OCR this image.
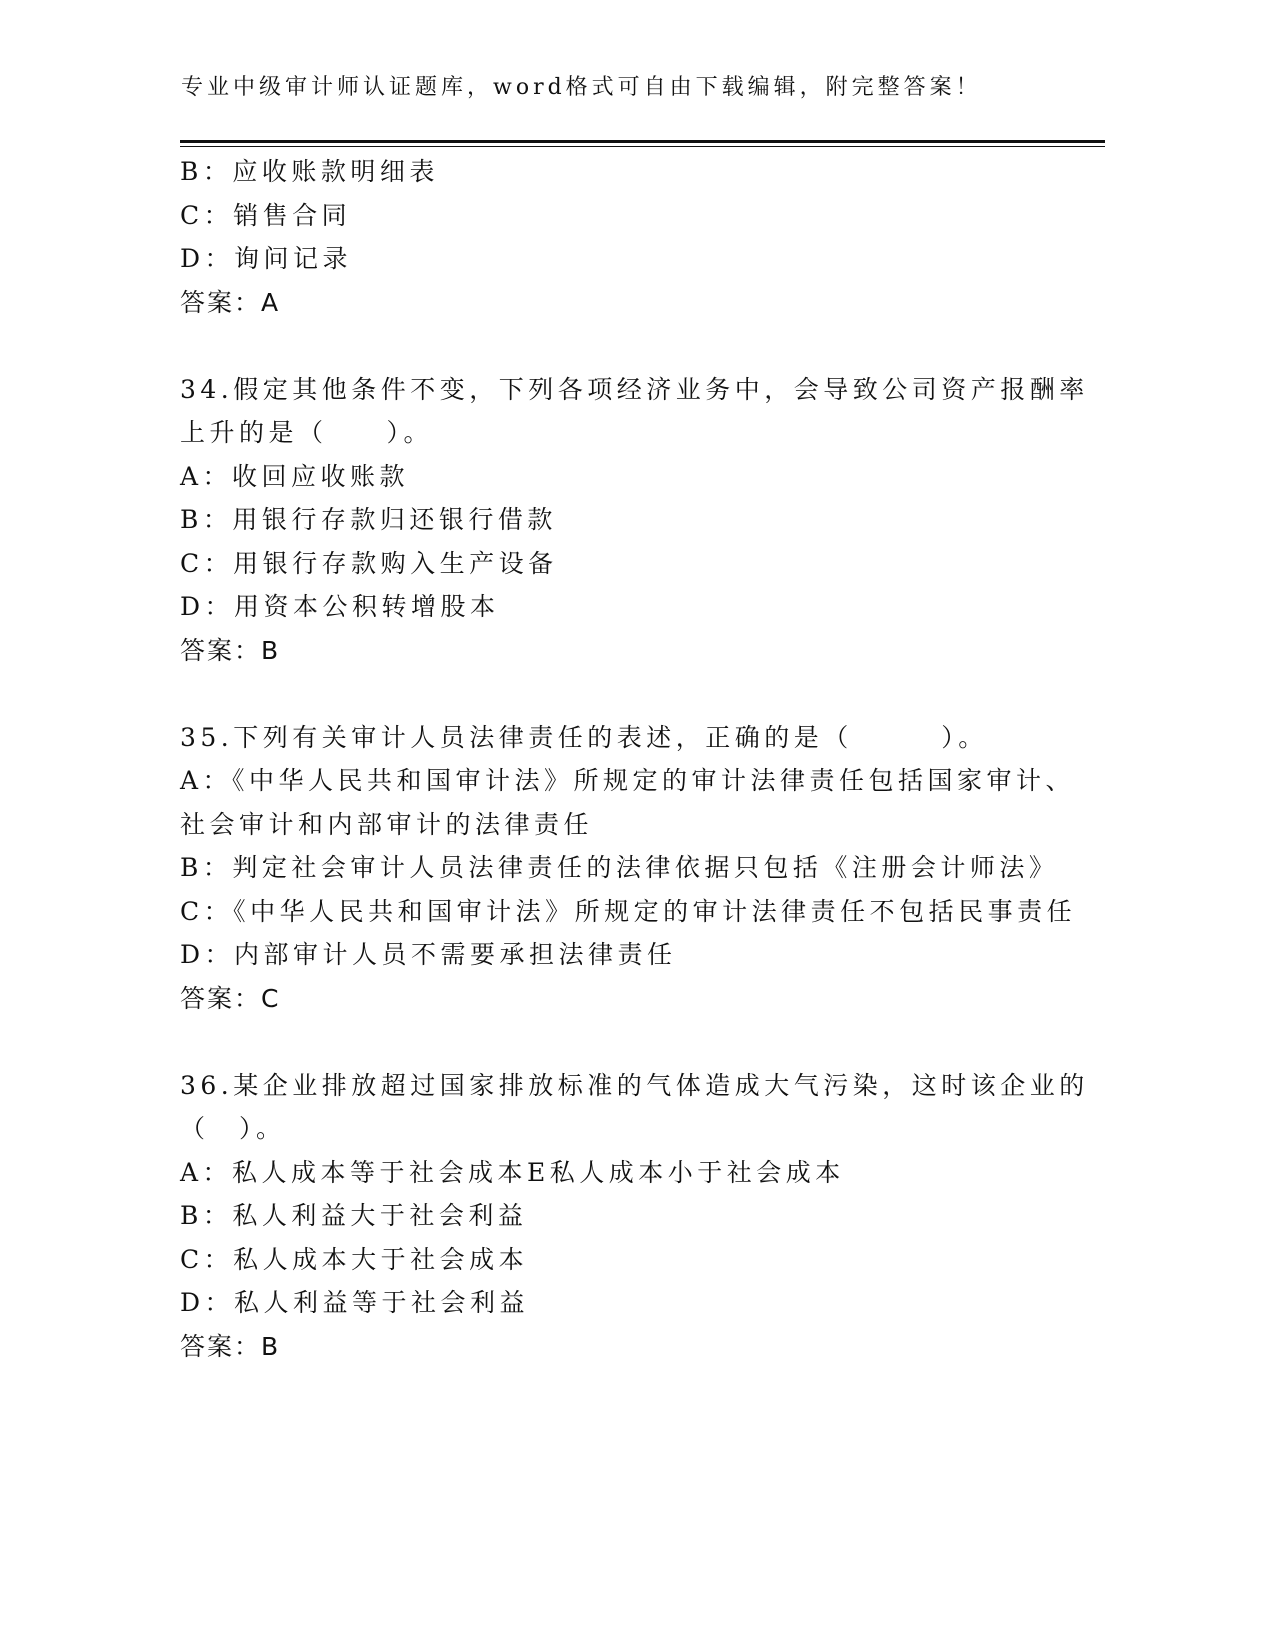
专业中级审计师认证题库，word格式可自由下载编辑，附完整答案！
B：应收账款明细表
C：销售合同
D：询问记录
答案：A
34.假定其他条件不变，下列各项经济业务中，会导致公司资产报酬率
上升的是（　　）。
A：收回应收账款
B：用银行存款归还银行借款
C：用银行存款购入生产设备
D：用资本公积转增股本
答案：B
35.下列有关审计人员法律责任的表述，正确的是（　　　）。
A：《中华人民共和国审计法》所规定的审计法律责任包括国家审计、
社会审计和内部审计的法律责任
B：判定社会审计人员法律责任的法律依据只包括《注册会计师法》
C：《中华人民共和国审计法》所规定的审计法律责任不包括民事责任
D：内部审计人员不需要承担法律责任
答案：C
36.某企业排放超过国家排放标准的气体造成大气污染，这时该企业的
（　）。
A：私人成本等于社会成本E私人成本小于社会成本
B：私人利益大于社会利益
C：私人成本大于社会成本
D：私人利益等于社会利益
答案：B
